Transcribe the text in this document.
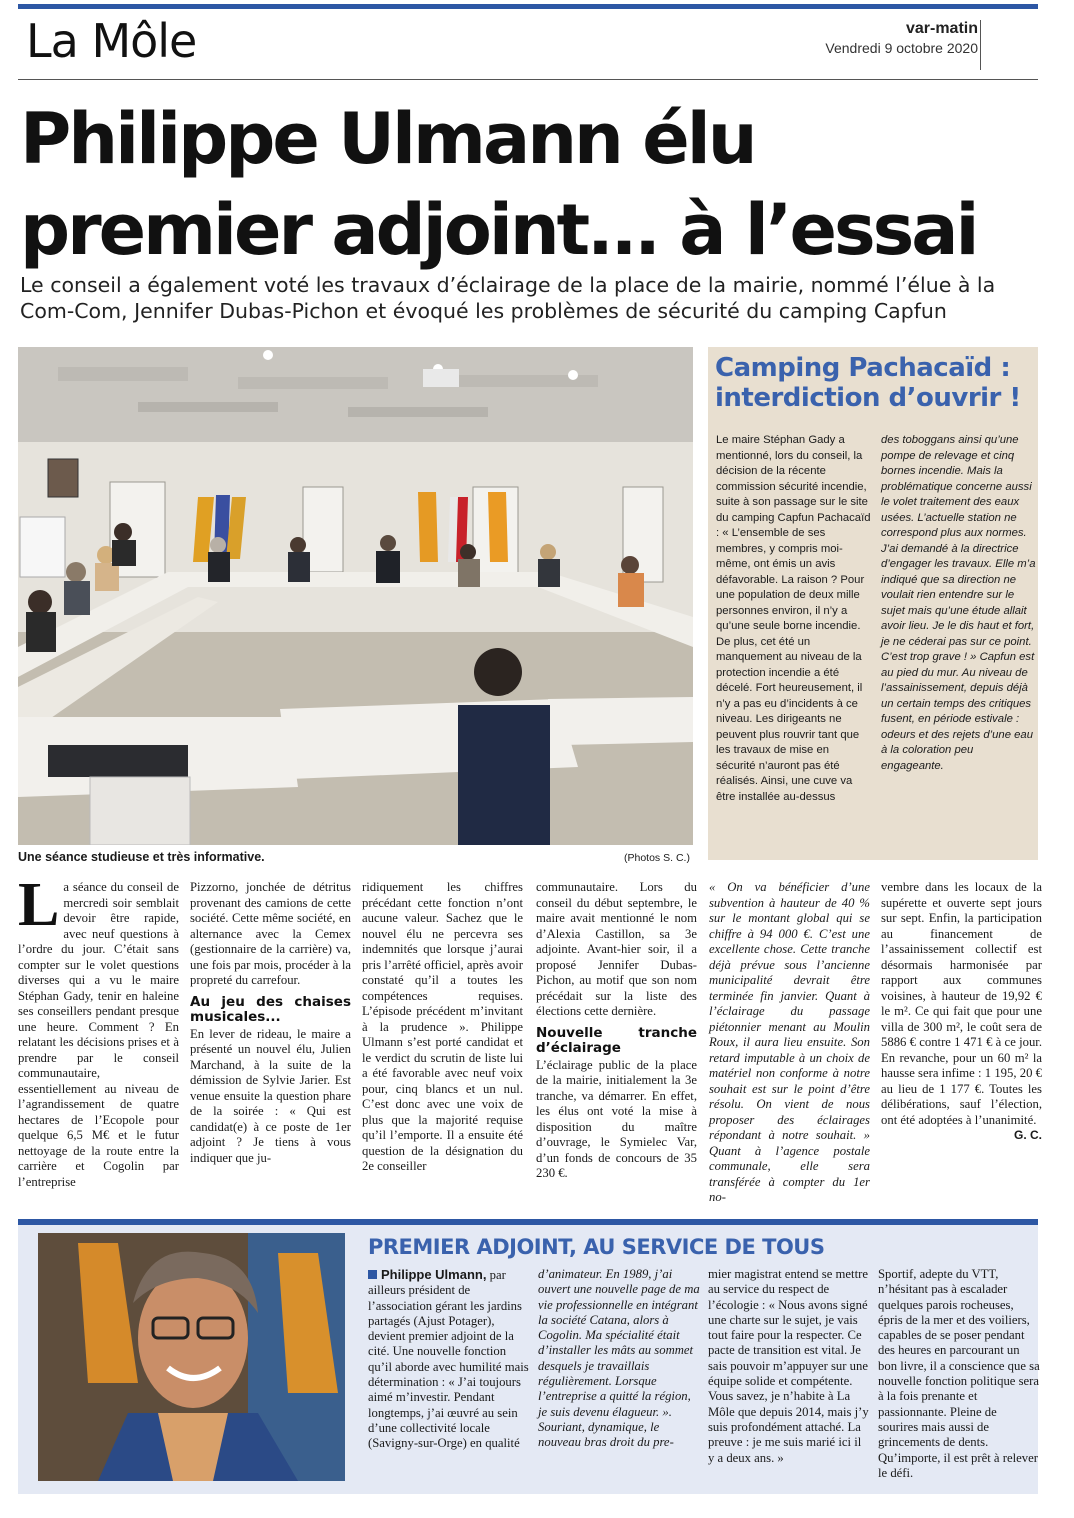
La Môle	var-matin
Vendredi 9 octobre 2020
Philippe Ulmann élu
premier adjoint... à l’essai
Le conseil a également voté les travaux d’éclairage de la place de la mairie, nommé l’élue à la Com-Com, Jennifer Dubas-Pichon et évoqué les problèmes de sécurité du camping Capfun
Une séance studieuse et très informative.	(Photos S. C.)
Camping Pachacaïd :
interdiction d’ouvrir !
Le maire Stéphan Gady a mentionné, lors du conseil, la décision de la récente commission sécurité incendie, suite à son passage sur le site du camping Capfun Pachacaïd : « L’ensemble de ses membres, y compris moi-même, ont émis un avis défavorable. La raison ? Pour une population de deux mille personnes environ, il n’y a qu’une seule borne incendie. De plus, cet été un manquement au niveau de la protection incendie a été décelé. Fort heureusement, il n’y a pas eu d’incidents à ce niveau. Les dirigeants ne peuvent plus rouvrir tant que les travaux de mise en sécurité n’auront pas été réalisés. Ainsi, une cuve va être installée au-dessus
des toboggans ainsi qu’une pompe de relevage et cinq bornes incendie. Mais la problématique concerne aussi le volet traitement des eaux usées. L’actuelle station ne correspond plus aux normes. J’ai demandé à la directrice d’engager les travaux. Elle m’a indiqué que sa direction ne voulait rien entendre sur le sujet mais qu’une étude allait avoir lieu. Je le dis haut et fort, je ne céderai pas sur ce point. C’est trop grave ! » Capfun est au pied du mur. Au niveau de l’assainissement, depuis déjà un certain temps des critiques fusent, en période estivale : odeurs et des rejets d’une eau à la coloration peu engageante.
L a séance du conseil de mercredi soir semblait devoir être rapide, avec neuf questions à l’ordre du jour. C’était sans compter sur le volet questions diverses qui a vu le maire Stéphan Gady, tenir en haleine ses conseillers pendant presque une heure. Comment ? En relatant les décisions prises et à prendre par le conseil communautaire, essentiellement au niveau de l’agrandissement de quatre hectares de l’Ecopole pour quelque 6,5 M€ et le futur nettoyage de la route entre la carrière et Cogolin par l’entreprise

Pizzorno, jonchée de détritus provenant des camions de cette société. Cette même société, en alternance avec la Cemex (gestionnaire de la carrière) va, une fois par mois, procéder à la propreté du carrefour.

Au jeu des chaises musicales...

En lever de rideau, le maire a présenté un nouvel élu, Julien Marchand, à la suite de la démission de Sylvie Jarier. Est venue ensuite la question phare de la soirée : « Qui est candidat(e) à ce poste de 1er adjoint ? Je tiens à vous indiquer que ju-

ridiquement les chiffres précédant cette fonction n’ont aucune valeur. Sachez que le nouvel élu ne percevra ses indemnités que lorsque j’aurai pris l’arrêté officiel, après avoir constaté qu’il a toutes les compétences requises. L’épisode précédent m’invitant à la prudence ». Philippe Ulmann s’est porté candidat et le verdict du scrutin de liste lui a été favorable avec neuf voix pour, cinq blancs et un nul. C’est donc avec une voix de plus que la majorité requise qu’il l’emporte. Il a ensuite été question de la désignation du 2e conseiller

communautaire. Lors du conseil du début septembre, le maire avait mentionné le nom d’Alexia Castillon, sa 3e adjointe. Avant-hier soir, il a proposé Jennifer Dubas-Pichon, au motif que son nom précédait sur la liste des élections cette dernière.

Nouvelle tranche d’éclairage

L’éclairage public de la place de la mairie, initialement la 3e tranche, va démarrer. En effet, les élus ont voté la mise à disposition du maître d’ouvrage, le Symielec Var, d’un fonds de concours de 35 230 €.

« On va bénéficier d’une subvention à hauteur de 40 % sur le montant global qui se chiffre à 94 000 €. C’est une excellente chose. Cette tranche déjà prévue sous l’ancienne municipalité devrait être terminée fin janvier. Quant à l’éclairage du passage piétonnier menant au Moulin Roux, il aura lieu ensuite. Son retard imputable à un choix de matériel non conforme à notre souhait est sur le point d’être résolu. On vient de nous proposer des éclairages répondant à notre souhait. » Quant à l’agence postale communale, elle sera transférée à compter du 1er no-
vembre dans les locaux de la supérette et ouverte sept jours sur sept. Enfin, la participation au financement de l’assainissement collectif est désormais harmonisée par rapport aux communes voisines, à hauteur de 19,92 € le m². Ce qui fait que pour une villa de 300 m², le coût sera de 5886 € contre 1 471 € à ce jour. En revanche, pour un 60 m² la hausse sera infime : 1 195, 20 € au lieu de 1 177 €. Toutes les délibérations, sauf l’élection, ont été adoptées à l’unanimité.
G. C.
PREMIER ADJOINT, AU SERVICE DE TOUS
Philippe Ulmann, par ailleurs président de l’association gérant les jardins partagés (Ajust Potager), devient premier adjoint de la cité. Une nouvelle fonction qu’il aborde avec humilité mais détermination : « J’ai toujours aimé m’investir. Pendant longtemps, j’ai œuvré au sein d’une collectivité locale (Savigny-sur-Orge) en qualité
d’animateur. En 1989, j’ai ouvert une nouvelle page de ma vie professionnelle en intégrant la société Catana, alors à Cogolin. Ma spécialité était d’installer les mâts au sommet desquels je travaillais régulièrement. Lorsque l’entreprise a quitté la région, je suis devenu élagueur. ». Souriant, dynamique, le nouveau bras droit du pre-
mier magistrat entend se mettre au service du respect de l’écologie : « Nous avons signé une charte sur le sujet, je vais tout faire pour la respecter. Ce pacte de transition est vital. Je sais pouvoir m’appuyer sur une équipe solide et compétente. Vous savez, je n’habite à La Môle que depuis 2014, mais j’y suis profondément attaché. La preuve : je me suis marié ici il y a deux ans. »
Sportif, adepte du VTT, n’hésitant pas à escalader quelques parois rocheuses, épris de la mer et des voiliers, capables de se poser pendant des heures en parcourant un bon livre, il a conscience que sa nouvelle fonction politique sera à la fois prenante et passionnante. Pleine de sourires mais aussi de grincements de dents. Qu’importe, il est prêt à relever le défi.
